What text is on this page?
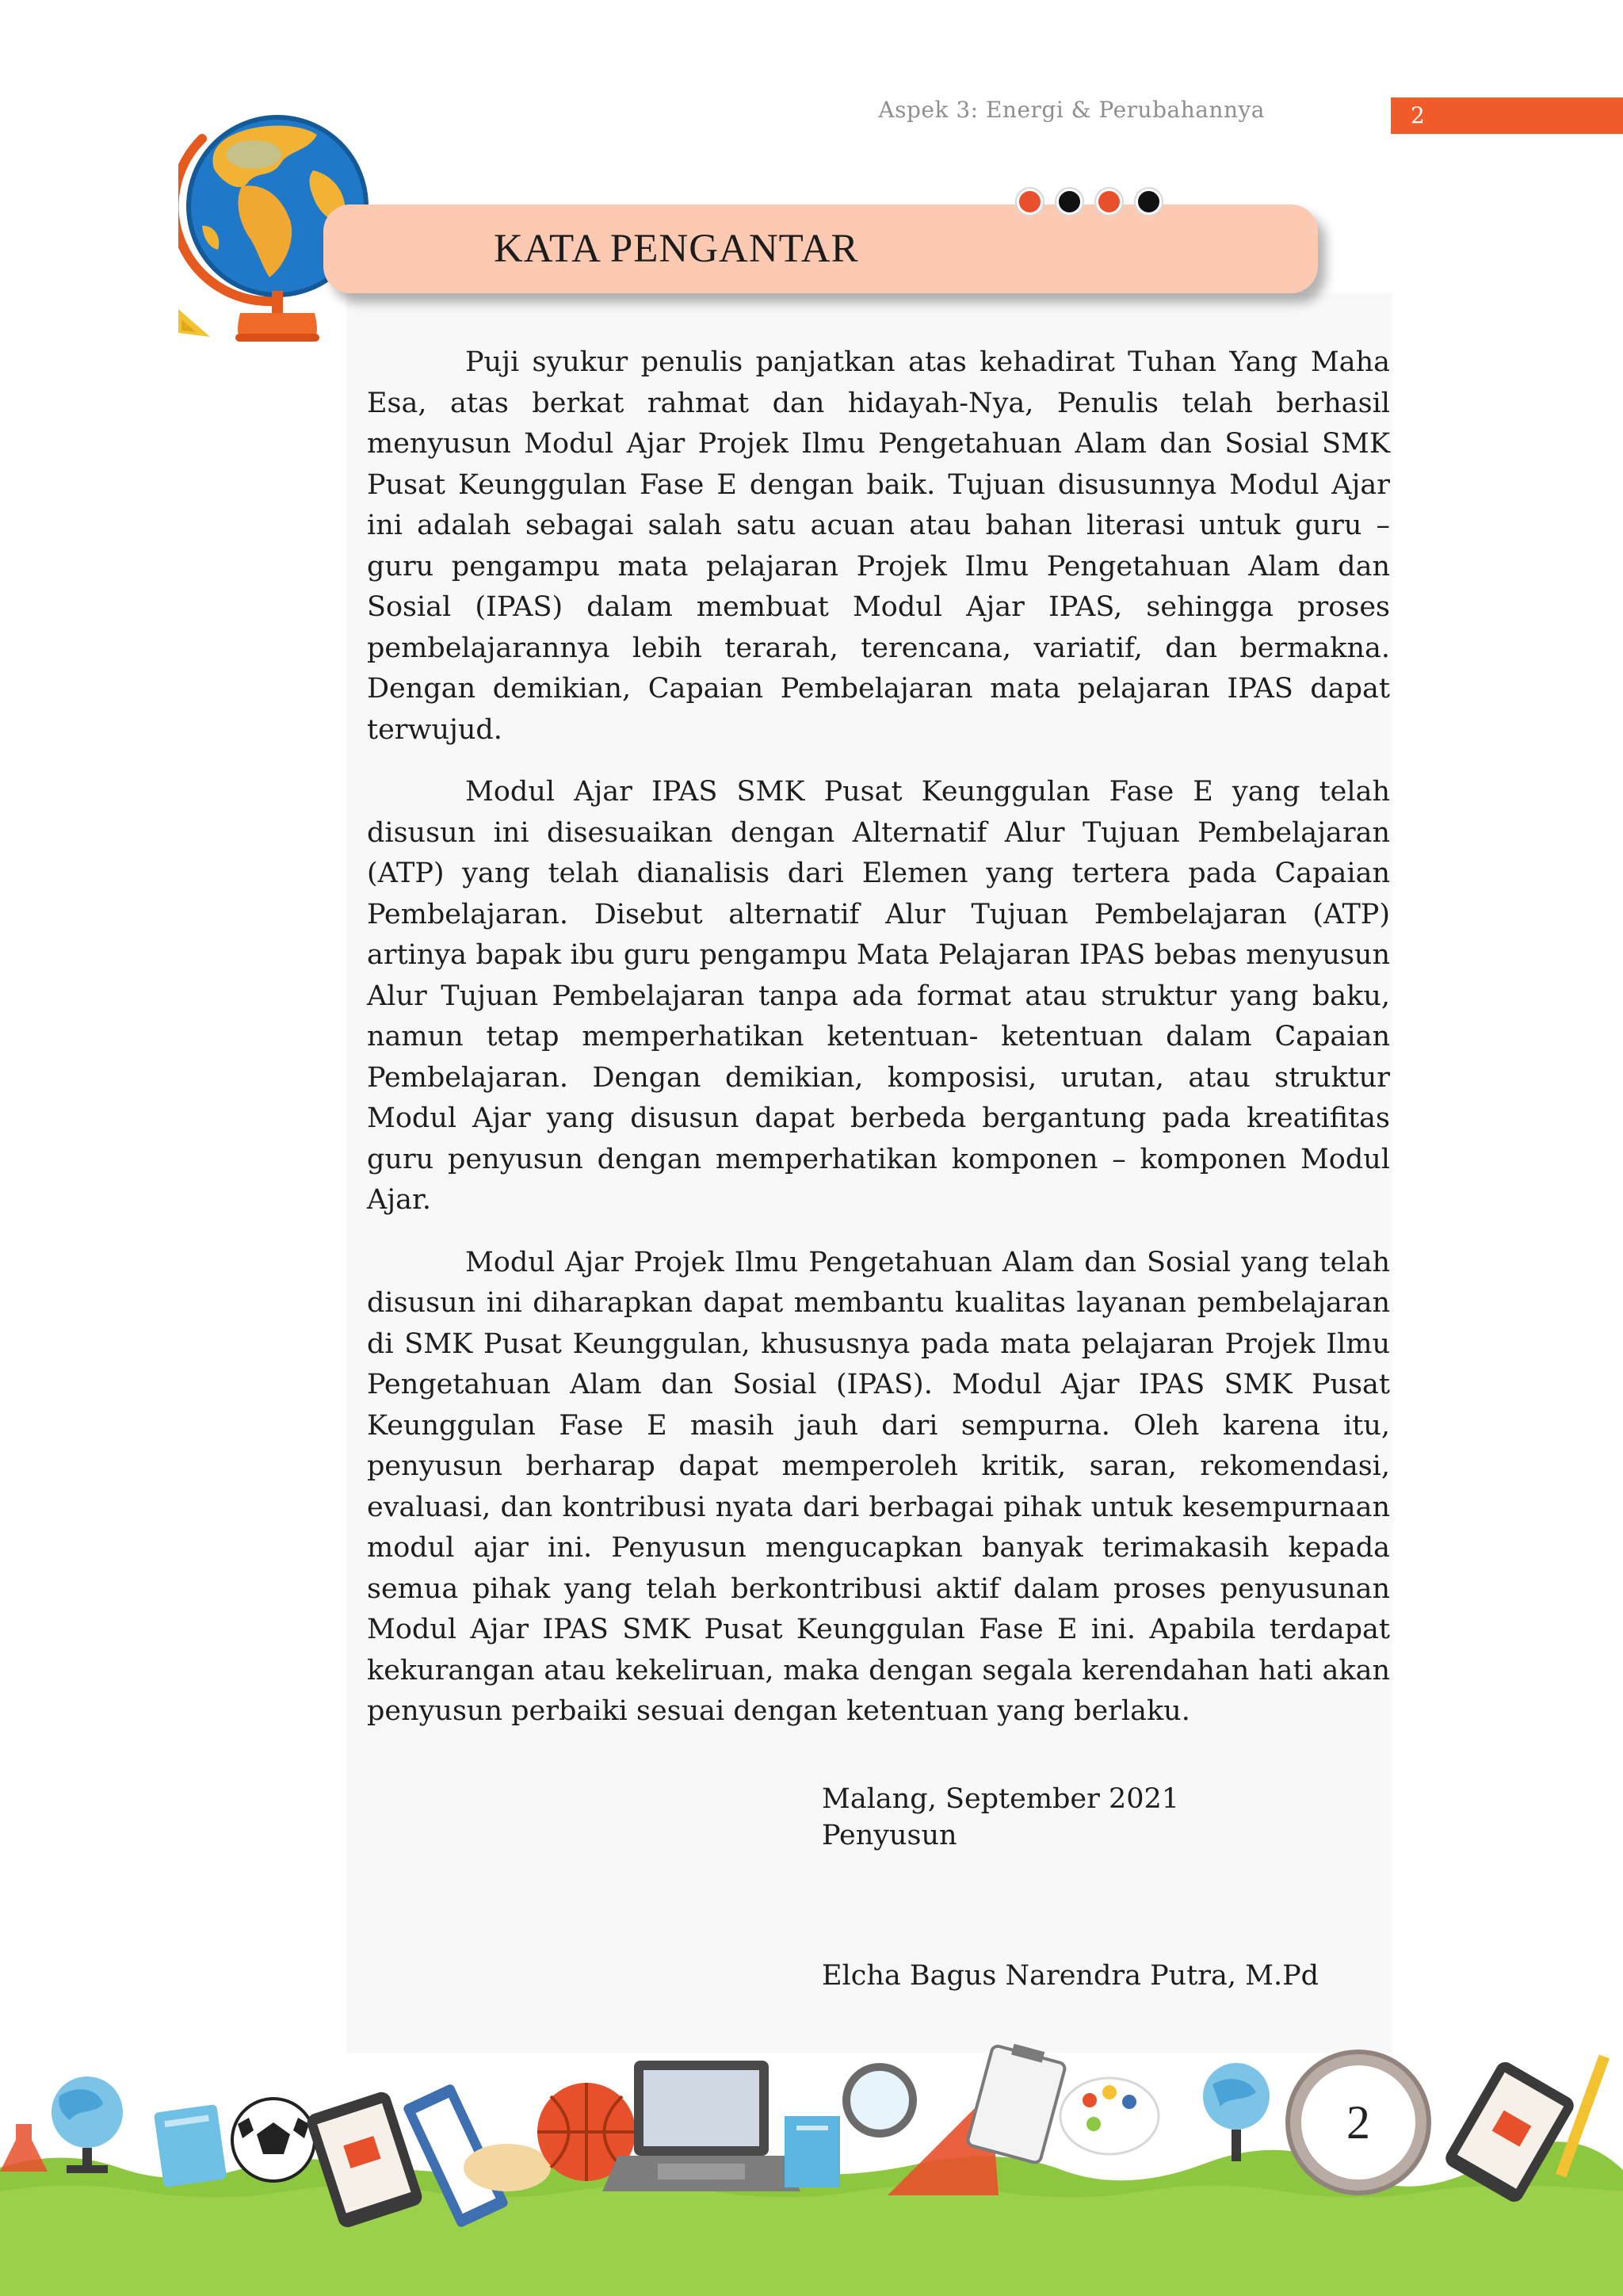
Aspek 3: Energi & Perubahannya	2
KATA PENGANTAR

Puji syukur penulis panjatkan atas kehadirat Tuhan Yang Maha Esa, atas berkat rahmat dan hidayah-Nya, Penulis telah berhasil menyusun Modul Ajar Projek Ilmu Pengetahuan Alam dan Sosial SMK Pusat Keunggulan Fase E dengan baik. Tujuan disusunnya Modul Ajar ini adalah sebagai salah satu acuan atau bahan literasi untuk guru – guru pengampu mata pelajaran Projek Ilmu Pengetahuan Alam dan Sosial (IPAS) dalam membuat Modul Ajar IPAS, sehingga proses pembelajarannya lebih terarah, terencana, variatif, dan bermakna. Dengan demikian, Capaian Pembelajaran mata pelajaran IPAS dapat terwujud.

Modul Ajar IPAS SMK Pusat Keunggulan Fase E yang telah disusun ini disesuaikan dengan Alternatif Alur Tujuan Pembelajaran (ATP) yang telah dianalisis dari Elemen yang tertera pada Capaian Pembelajaran. Disebut alternatif Alur Tujuan Pembelajaran (ATP) artinya bapak ibu guru pengampu Mata Pelajaran IPAS bebas menyusun Alur Tujuan Pembelajaran tanpa ada format atau struktur yang baku, namun tetap memperhatikan ketentuan- ketentuan dalam Capaian Pembelajaran. Dengan demikian, komposisi, urutan, atau struktur Modul Ajar yang disusun dapat berbeda bergantung pada kreatifitas guru penyusun dengan memperhatikan komponen – komponen Modul Ajar.

Modul Ajar Projek Ilmu Pengetahuan Alam dan Sosial yang telah disusun ini diharapkan dapat membantu kualitas layanan pembelajaran di SMK Pusat Keunggulan, khususnya pada mata pelajaran Projek Ilmu Pengetahuan Alam dan Sosial (IPAS). Modul Ajar IPAS SMK Pusat Keunggulan Fase E masih jauh dari sempurna. Oleh karena itu, penyusun berharap dapat memperoleh kritik, saran, rekomendasi, evaluasi, dan kontribusi nyata dari berbagai pihak untuk kesempurnaan modul ajar ini. Penyusun mengucapkan banyak terimakasih kepada semua pihak yang telah berkontribusi aktif dalam proses penyusunan Modul Ajar IPAS SMK Pusat Keunggulan Fase E ini. Apabila terdapat kekurangan atau kekeliruan, maka dengan segala kerendahan hati akan penyusun perbaiki sesuai dengan ketentuan yang berlaku.

Malang, September 2021
Penyusun
Elcha Bagus Narendra Putra, M.Pd
2
